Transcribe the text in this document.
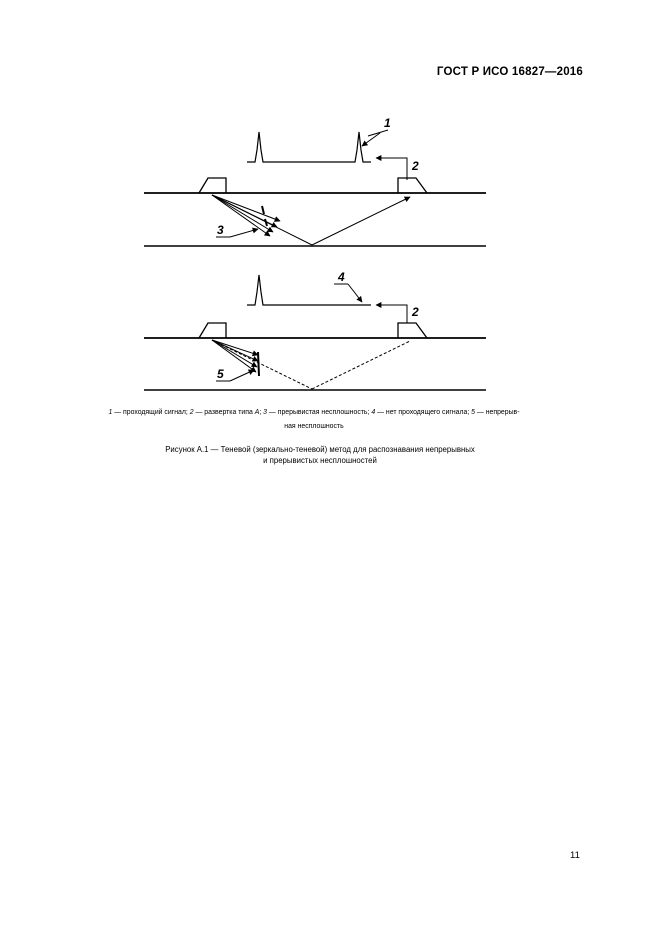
ГОСТ Р ИСО 16827—2016
1
2
3
4
2
5
1 — проходящий сигнал; 2 — развертка типа A; 3 — прерывистая несплошность; 4 — нет проходящего сигнала; 5 — непрерыв-
ная несплошность
Рисунок А.1 — Теневой (зеркально-теневой) метод для распознавания непрерывных
и прерывистых несплошностей
11
